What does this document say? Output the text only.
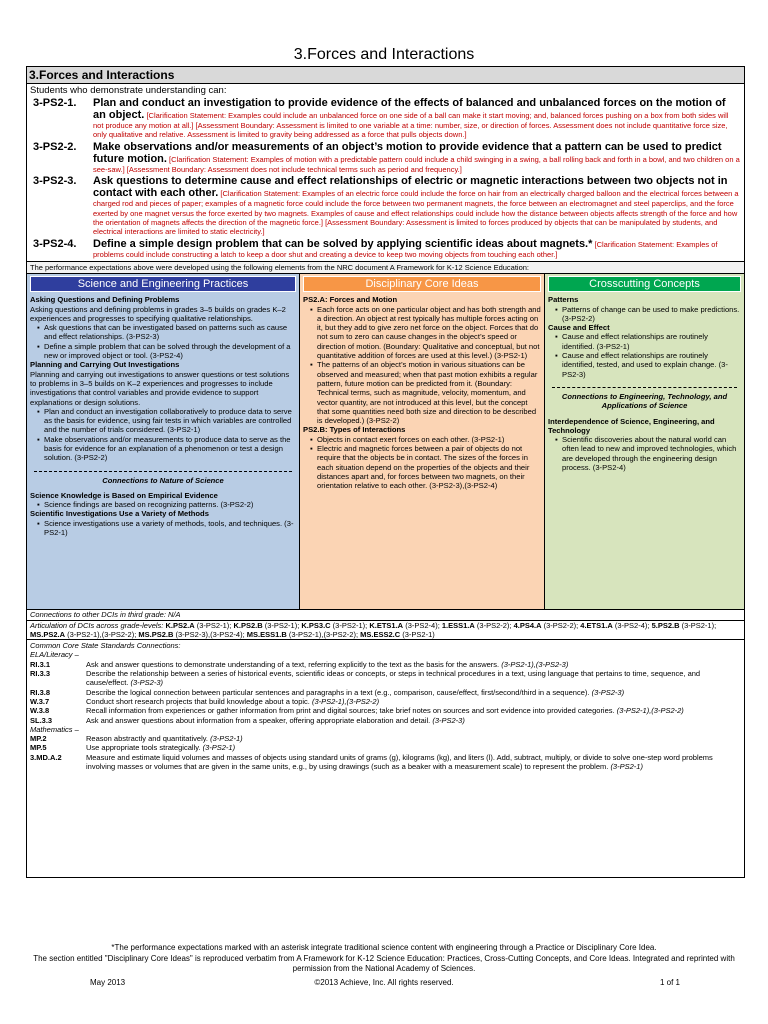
3.Forces and Interactions
3.Forces and Interactions
Students who demonstrate understanding can:
3-PS2-1.	Plan and conduct an investigation to provide evidence of the effects of balanced and unbalanced forces on the motion of an object. [Clarification Statement: Examples could include an unbalanced force on one side of a ball can make it start moving; and, balanced forces pushing on a box from both sides will not produce any motion at all.] [Assessment Boundary: Assessment is limited to one variable at a time: number, size, or direction of forces. Assessment does not include quantitative force size, only qualitative and relative. Assessment is limited to gravity being addressed as a force that pulls objects down.]
3-PS2-2.	Make observations and/or measurements of an object’s motion to provide evidence that a pattern can be used to predict future motion. [Clarification Statement: Examples of motion with a predictable pattern could include a child swinging in a swing, a ball rolling back and forth in a bowl, and two children on a see-saw.] [Assessment Boundary: Assessment does not include technical terms such as period and frequency.]
3-PS2-3.	Ask questions to determine cause and effect relationships of electric or magnetic interactions between two objects not in contact with each other. [Clarification Statement: Examples of an electric force could include the force on hair from an electrically charged balloon and the electrical forces between a charged rod and pieces of paper; examples of a magnetic force could include the force between two permanent magnets, the force between an electromagnet and steel paperclips, and the force exerted by one magnet versus the force exerted by two magnets. Examples of cause and effect relationships could include how the distance between objects affects strength of the force and how the orientation of magnets affects the direction of the magnetic force.] [Assessment Boundary: Assessment is limited to forces produced by objects that can be manipulated by students, and electrical interactions are limited to static electricity.]
3-PS2-4.	Define a simple design problem that can be solved by applying scientific ideas about magnets.* [Clarification Statement: Examples of problems could include constructing a latch to keep a door shut and creating a device to keep two moving objects from touching each other.]
The performance expectations above were developed using the following elements from the NRC document A Framework for K-12 Science Education:
Science and Engineering Practices
Asking Questions and Defining Problems
Asking questions and defining problems in grades 3–5 builds on grades K–2 experiences and progresses to specifying qualitative relationships.
▪ Ask questions that can be investigated based on patterns such as cause and effect relationships. (3-PS2-3)
▪ Define a simple problem that can be solved through the development of a new or improved object or tool. (3-PS2-4)
Planning and Carrying Out Investigations
Planning and carrying out investigations to answer questions or test solutions to problems in 3–5 builds on K–2 experiences and progresses to include investigations that control variables and provide evidence to support explanations or design solutions.
▪ Plan and conduct an investigation collaboratively to produce data to serve as the basis for evidence, using fair tests in which variables are controlled and the number of trials considered. (3-PS2-1)
▪ Make observations and/or measurements to produce data to serve as the basis for evidence for an explanation of a phenomenon or test a design solution. (3-PS2-2)
Connections to Nature of Science
Science Knowledge is Based on Empirical Evidence
▪ Science findings are based on recognizing patterns. (3-PS2-2)
Scientific Investigations Use a Variety of Methods
▪ Science investigations use a variety of methods, tools, and techniques. (3-PS2-1)
Disciplinary Core Ideas
PS2.A: Forces and Motion
▪ Each force acts on one particular object and has both strength and a direction. An object at rest typically has multiple forces acting on it, but they add to give zero net force on the object. Forces that do not sum to zero can cause changes in the object’s speed or direction of motion. (Boundary: Qualitative and conceptual, but not quantitative addition of forces are used at this level.) (3-PS2-1)
▪ The patterns of an object’s motion in various situations can be observed and measured; when that past motion exhibits a regular pattern, future motion can be predicted from it. (Boundary: Technical terms, such as magnitude, velocity, momentum, and vector quantity, are not introduced at this level, but the concept that some quantities need both size and direction to be described is developed.) (3-PS2-2)
PS2.B: Types of Interactions
▪ Objects in contact exert forces on each other. (3-PS2-1)
▪ Electric and magnetic forces between a pair of objects do not require that the objects be in contact. The sizes of the forces in each situation depend on the properties of the objects and their distances apart and, for forces between two magnets, on their orientation relative to each other. (3-PS2-3),(3-PS2-4)
Crosscutting Concepts
Patterns
▪ Patterns of change can be used to make predictions. (3-PS2-2)
Cause and Effect
▪ Cause and effect relationships are routinely identified. (3-PS2-1)
▪ Cause and effect relationships are routinely identified, tested, and used to explain change. (3-PS2-3)
Connections to Engineering, Technology, and Applications of Science
Interdependence of Science, Engineering, and Technology
▪ Scientific discoveries about the natural world can often lead to new and improved technologies, which are developed through the engineering design process. (3-PS2-4)
Connections to other DCIs in third grade: N/A
Articulation of DCIs across grade-levels: K.PS2.A (3-PS2-1); K.PS2.B (3-PS2-1); K.PS3.C (3-PS2-1); K.ETS1.A (3-PS2-4); 1.ESS1.A (3-PS2-2); 4.PS4.A (3-PS2-2); 4.ETS1.A (3-PS2-4); 5.PS2.B (3-PS2-1); MS.PS2.A (3-PS2-1),(3-PS2-2); MS.PS2.B (3-PS2-3),(3-PS2-4); MS.ESS1.B (3-PS2-1),(3-PS2-2); MS.ESS2.C (3-PS2-1)
Common Core State Standards Connections:
ELA/Literacy –
RI.3.1	Ask and answer questions to demonstrate understanding of a text, referring explicitly to the text as the basis for the answers. (3-PS2-1),(3-PS2-3)
RI.3.3	Describe the relationship between a series of historical events, scientific ideas or concepts, or steps in technical procedures in a text, using language that pertains to time, sequence, and cause/effect. (3-PS2-3)
RI.3.8	Describe the logical connection between particular sentences and paragraphs in a text (e.g., comparison, cause/effect, first/second/third in a sequence). (3-PS2-3)
W.3.7	Conduct short research projects that build knowledge about a topic. (3-PS2-1),(3-PS2-2)
W.3.8	Recall information from experiences or gather information from print and digital sources; take brief notes on sources and sort evidence into provided categories. (3-PS2-1),(3-PS2-2)
SL.3.3	Ask and answer questions about information from a speaker, offering appropriate elaboration and detail. (3-PS2-3)
Mathematics –
MP.2	Reason abstractly and quantitatively. (3-PS2-1)
MP.5	Use appropriate tools strategically. (3-PS2-1)
3.MD.A.2	Measure and estimate liquid volumes and masses of objects using standard units of grams (g), kilograms (kg), and liters (l). Add, subtract, multiply, or divide to solve one-step word problems involving masses or volumes that are given in the same units, e.g., by using drawings (such as a beaker with a measurement scale) to represent the problem. (3-PS2-1)
*The performance expectations marked with an asterisk integrate traditional science content with engineering through a Practice or Disciplinary Core Idea.
The section entitled "Disciplinary Core Ideas" is reproduced verbatim from A Framework for K-12 Science Education: Practices, Cross-Cutting Concepts, and Core Ideas. Integrated and reprinted with permission from the National Academy of Sciences.
May 2013	©2013 Achieve, Inc. All rights reserved.	1 of 1
